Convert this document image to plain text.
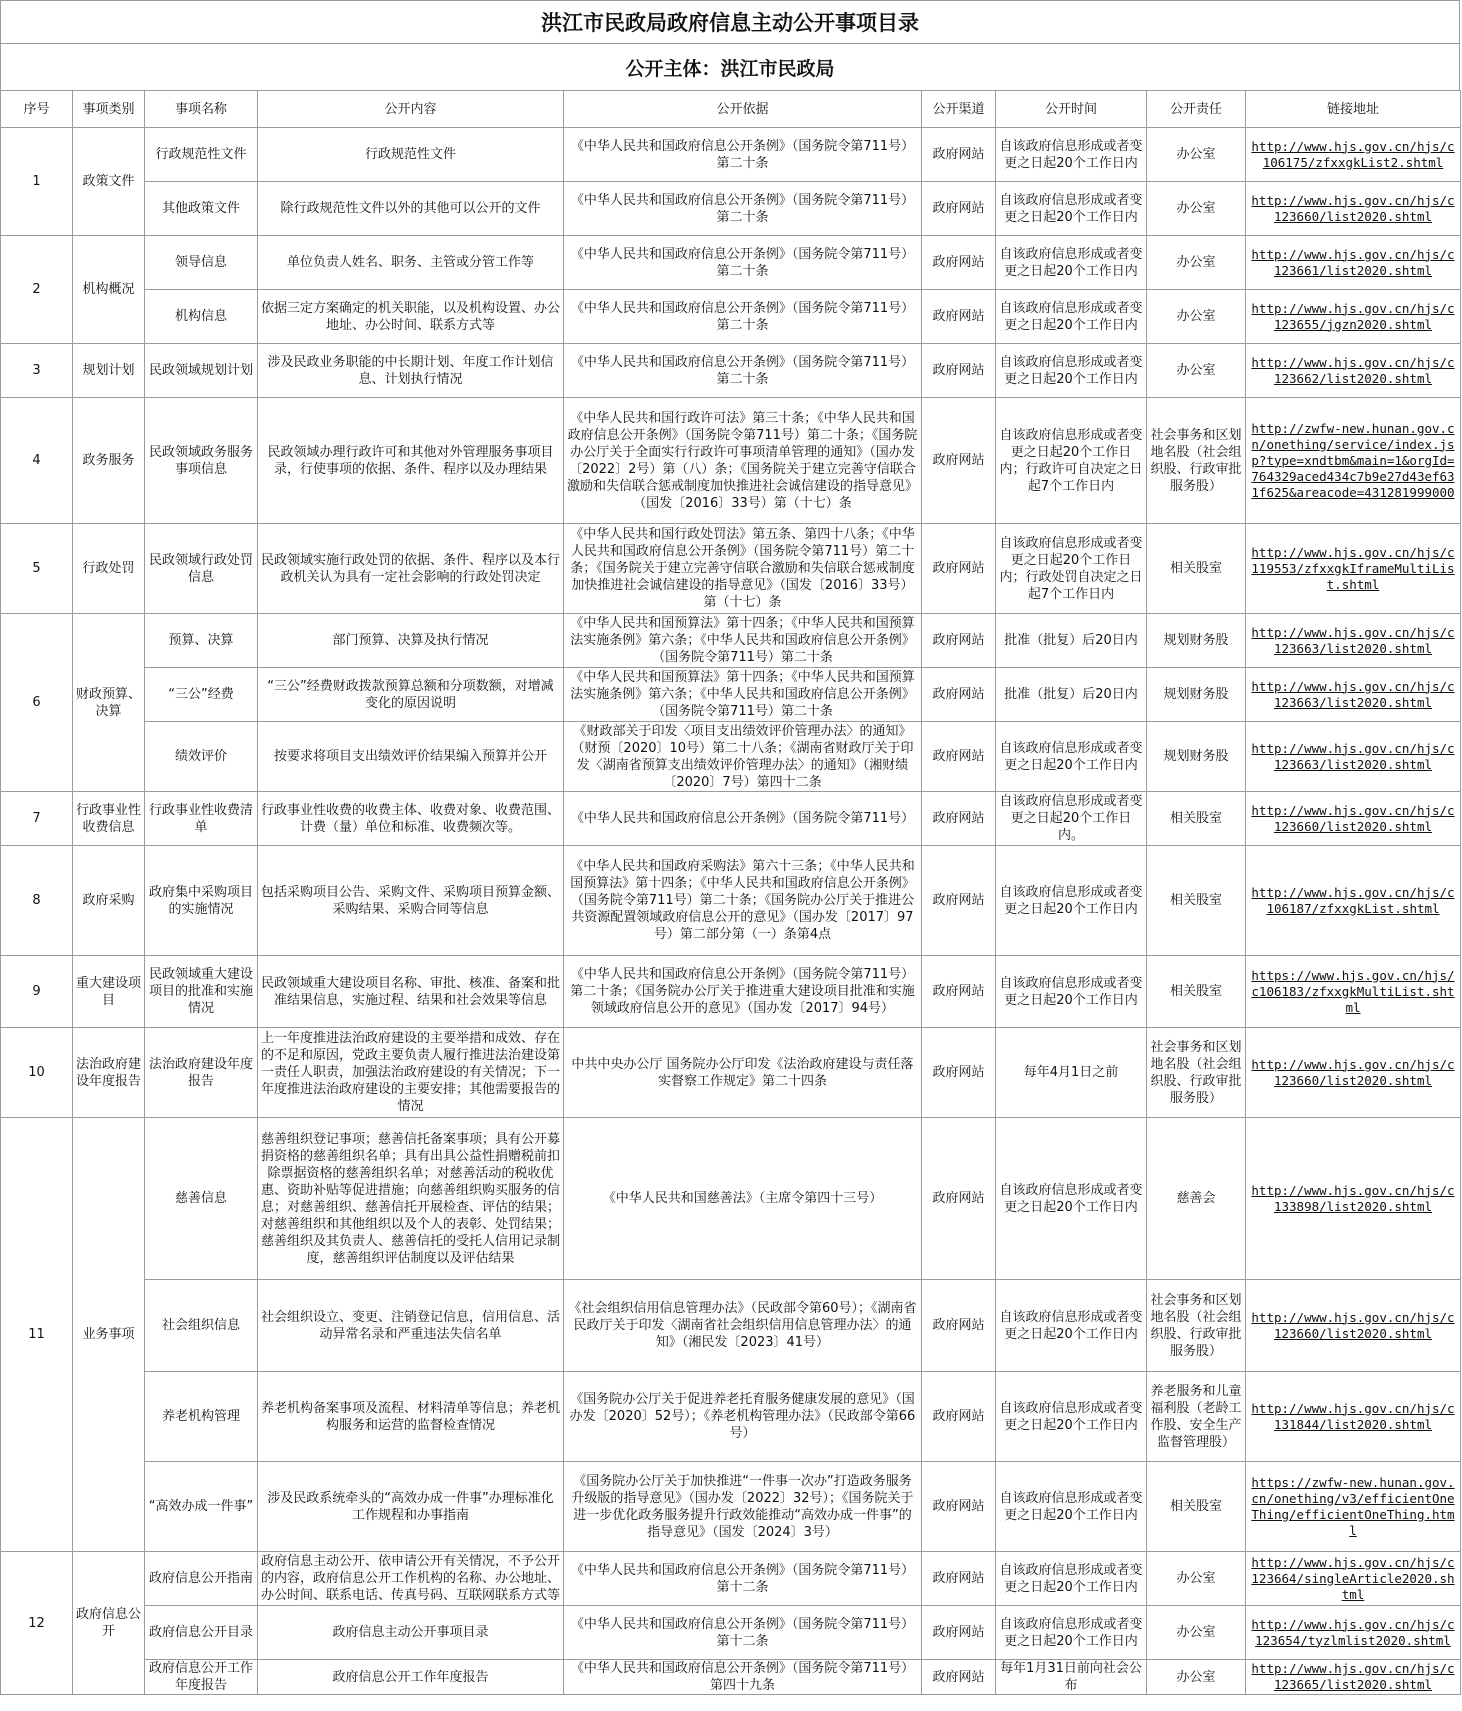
洪江市民政局政府信息主动公开事项目录
公开主体：洪江市民政局
序号	事项类别	事项名称	公开内容	公开依据	公开渠道	公开时间	公开责任	链接地址
1	政策文件	行政规范性文件	行政规范性文件	《中华人民共和国政府信息公开条例》（国务院令第711号）第二十条	政府网站	自该政府信息形成或者变更之日起20个工作日内	办公室	http://www.hjs.gov.cn/hjs/c106175/zfxxgkList2.shtml
		其他政策文件	除行政规范性文件以外的其他可以公开的文件	《中华人民共和国政府信息公开条例》（国务院令第711号）第二十条	政府网站	自该政府信息形成或者变更之日起20个工作日内	办公室	http://www.hjs.gov.cn/hjs/c123660/list2020.shtml
2	机构概况	领导信息	单位负责人姓名、职务、主管或分管工作等	《中华人民共和国政府信息公开条例》（国务院令第711号）第二十条	政府网站	自该政府信息形成或者变更之日起20个工作日内	办公室	http://www.hjs.gov.cn/hjs/c123661/list2020.shtml
		机构信息	依据三定方案确定的机关职能，以及机构设置、办公地址、办公时间、联系方式等	《中华人民共和国政府信息公开条例》（国务院令第711号）第二十条	政府网站	自该政府信息形成或者变更之日起20个工作日内	办公室	http://www.hjs.gov.cn/hjs/c123655/jgzn2020.shtml
3	规划计划	民政领域规划计划	涉及民政业务职能的中长期计划、年度工作计划信息、计划执行情况	《中华人民共和国政府信息公开条例》（国务院令第711号）第二十条	政府网站	自该政府信息形成或者变更之日起20个工作日内	办公室	http://www.hjs.gov.cn/hjs/c123662/list2020.shtml
4	政务服务	民政领域政务服务事项信息	民政领域办理行政许可和其他对外管理服务事项目录，行使事项的依据、条件、程序以及办理结果	《中华人民共和国行政许可法》第三十条；《中华人民共和国政府信息公开条例》（国务院令第711号）第二十条；《国务院办公厅关于全面实行行政许可事项清单管理的通知》（国办发〔2022〕2号）第（八）条；《国务院关于建立完善守信联合激励和失信联合惩戒制度加快推进社会诚信建设的指导意见》（国发〔2016〕33号）第（十七）条	政府网站	自该政府信息形成或者变更之日起20个工作日内；行政许可自决定之日起7个工作日内	社会事务和区划地名股（社会组织股、行政审批服务股）	http://zwfw-new.hunan.gov.cn/onething/service/index.jsp?type=xndtbm&main=1&orgId=764329aced434c7b9e27d43ef631f625&areacode=431281999000
5	行政处罚	民政领域行政处罚信息	民政领域实施行政处罚的依据、条件、程序以及本行政机关认为具有一定社会影响的行政处罚决定	《中华人民共和国行政处罚法》第五条、第四十八条；《中华人民共和国政府信息公开条例》（国务院令第711号）第二十条；《国务院关于建立完善守信联合激励和失信联合惩戒制度加快推进社会诚信建设的指导意见》（国发〔2016〕33号）第（十七）条	政府网站	自该政府信息形成或者变更之日起20个工作日内；行政处罚自决定之日起7个工作日内	相关股室	http://www.hjs.gov.cn/hjs/c119553/zfxxgkIframeMultiList.shtml
6	财政预算、决算	预算、决算	部门预算、决算及执行情况	《中华人民共和国预算法》第十四条；《中华人民共和国预算法实施条例》第六条；《中华人民共和国政府信息公开条例》（国务院令第711号）第二十条	政府网站	批准（批复）后20日内	规划财务股	http://www.hjs.gov.cn/hjs/c123663/list2020.shtml
		“三公”经费	“三公”经费财政拨款预算总额和分项数额，对增减变化的原因说明	《中华人民共和国预算法》第十四条；《中华人民共和国预算法实施条例》第六条；《中华人民共和国政府信息公开条例》（国务院令第711号）第二十条	政府网站	批准（批复）后20日内	规划财务股	http://www.hjs.gov.cn/hjs/c123663/list2020.shtml
		绩效评价	按要求将项目支出绩效评价结果编入预算并公开	《财政部关于印发〈项目支出绩效评价管理办法〉的通知》（财预〔2020〕10号）第二十八条；《湖南省财政厅关于印发〈湖南省预算支出绩效评价管理办法〉的通知》（湘财绩〔2020〕7号）第四十二条	政府网站	自该政府信息形成或者变更之日起20个工作日内	规划财务股	http://www.hjs.gov.cn/hjs/c123663/list2020.shtml
7	行政事业性收费信息	行政事业性收费清单	行政事业性收费的收费主体、收费对象、收费范围、计费（量）单位和标准、收费频次等。	《中华人民共和国政府信息公开条例》（国务院令第711号）	政府网站	自该政府信息形成或者变更之日起20个工作日内。	相关股室	http://www.hjs.gov.cn/hjs/c123660/list2020.shtml
8	政府采购	政府集中采购项目的实施情况	包括采购项目公告、采购文件、采购项目预算金额、采购结果、采购合同等信息	《中华人民共和国政府采购法》第六十三条；《中华人民共和国预算法》第十四条；《中华人民共和国政府信息公开条例》（国务院令第711号）第二十条；《国务院办公厅关于推进公共资源配置领域政府信息公开的意见》（国办发〔2017〕97号）第二部分第（一）条第4点	政府网站	自该政府信息形成或者变更之日起20个工作日内	相关股室	http://www.hjs.gov.cn/hjs/c106187/zfxxgkList.shtml
9	重大建设项目	民政领域重大建设项目的批准和实施情况	民政领域重大建设项目名称、审批、核准、备案和批准结果信息，实施过程、结果和社会效果等信息	《中华人民共和国政府信息公开条例》（国务院令第711号）第二十条；《国务院办公厅关于推进重大建设项目批准和实施领域政府信息公开的意见》（国办发〔2017〕94号）	政府网站	自该政府信息形成或者变更之日起20个工作日内	相关股室	https://www.hjs.gov.cn/hjs/c106183/zfxxgkMultiList.shtml
10	法治政府建设年度报告	法治政府建设年度报告	上一年度推进法治政府建设的主要举措和成效、存在的不足和原因，党政主要负责人履行推进法治建设第一责任人职责，加强法治政府建设的有关情况；下一年度推进法治政府建设的主要安排；其他需要报告的情况	中共中央办公厅 国务院办公厅印发《法治政府建设与责任落实督察工作规定》第二十四条	政府网站	每年4月1日之前	社会事务和区划地名股（社会组织股、行政审批服务股）	http://www.hjs.gov.cn/hjs/c123660/list2020.shtml
11	业务事项	慈善信息	慈善组织登记事项；慈善信托备案事项；具有公开募捐资格的慈善组织名单；具有出具公益性捐赠税前扣除票据资格的慈善组织名单；对慈善活动的税收优惠、资助补贴等促进措施；向慈善组织购买服务的信息；对慈善组织、慈善信托开展检查、评估的结果；对慈善组织和其他组织以及个人的表彰、处罚结果；慈善组织及其负责人、慈善信托的受托人信用记录制度，慈善组织评估制度以及评估结果	《中华人民共和国慈善法》（主席令第四十三号）	政府网站	自该政府信息形成或者变更之日起20个工作日内	慈善会	http://www.hjs.gov.cn/hjs/c133898/list2020.shtml
		社会组织信息	社会组织设立、变更、注销登记信息，信用信息、活动异常名录和严重违法失信名单	《社会组织信用信息管理办法》（民政部令第60号）；《湖南省民政厅关于印发〈湖南省社会组织信用信息管理办法〉的通知》（湘民发〔2023〕41号）	政府网站	自该政府信息形成或者变更之日起20个工作日内	社会事务和区划地名股（社会组织股、行政审批服务股）	http://www.hjs.gov.cn/hjs/c123660/list2020.shtml
		养老机构管理	养老机构备案事项及流程、材料清单等信息；养老机构服务和运营的监督检查情况	《国务院办公厅关于促进养老托育服务健康发展的意见》（国办发〔2020〕52号）；《养老机构管理办法》（民政部令第66号）	政府网站	自该政府信息形成或者变更之日起20个工作日内	养老服务和儿童福利股（老龄工作股、安全生产监督管理股）	http://www.hjs.gov.cn/hjs/c131844/list2020.shtml
		“高效办成一件事”	涉及民政系统牵头的“高效办成一件事”办理标准化工作规程和办事指南	《国务院办公厅关于加快推进“一件事一次办”打造政务服务升级版的指导意见》（国办发〔2022〕32号）；《国务院关于进一步优化政务服务提升行政效能推动“高效办成一件事”的指导意见》（国发〔2024〕3号）	政府网站	自该政府信息形成或者变更之日起20个工作日内	相关股室	https://zwfw-new.hunan.gov.cn/onething/v3/efficientOneThing/efficientOneThing.html
12	政府信息公开	政府信息公开指南	政府信息主动公开、依申请公开有关情况，不予公开的内容，政府信息公开工作机构的名称、办公地址、办公时间、联系电话、传真号码、互联网联系方式等	《中华人民共和国政府信息公开条例》（国务院令第711号）第十二条	政府网站	自该政府信息形成或者变更之日起20个工作日内	办公室	http://www.hjs.gov.cn/hjs/c123664/singleArticle2020.shtml
		政府信息公开目录	政府信息主动公开事项目录	《中华人民共和国政府信息公开条例》（国务院令第711号）第十二条	政府网站	自该政府信息形成或者变更之日起20个工作日内	办公室	http://www.hjs.gov.cn/hjs/c123654/tyzlmlist2020.shtml
		政府信息公开工作年度报告	政府信息公开工作年度报告	《中华人民共和国政府信息公开条例》（国务院令第711号）第四十九条	政府网站	每年1月31日前向社会公布	办公室	http://www.hjs.gov.cn/hjs/c123665/list2020.shtml
